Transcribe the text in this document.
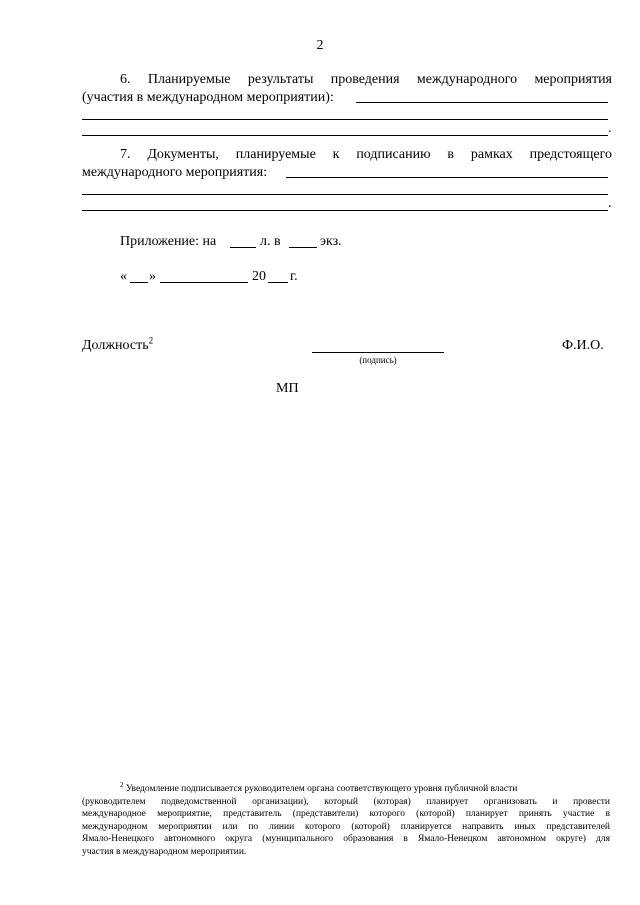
2
6. Планируемые результаты проведения международного мероприятия
(участия в международном мероприятии):
.
7. Документы, планируемые к подписанию в рамках предстоящего
международного мероприятия:
.
Приложение: на	л. в	экз.
« »	20 г.
Должность$^2$
(подпись)
Ф.И.О.
МП
$^2$ Уведомление подписывается руководителем органа соответствующего уровня публичной власти
(руководителем подведомственной организации), который (которая) планирует организовать и провести
международное мероприятие, представитель (представители) которого (которой) планирует принять участие в
международном мероприятии или по линии которого (которой) планируется направить иных представителей
Ямало-Ненецкого автономного округа (муниципального образования в Ямало-Ненецком автономном округе) для
участия в международном мероприятии.
